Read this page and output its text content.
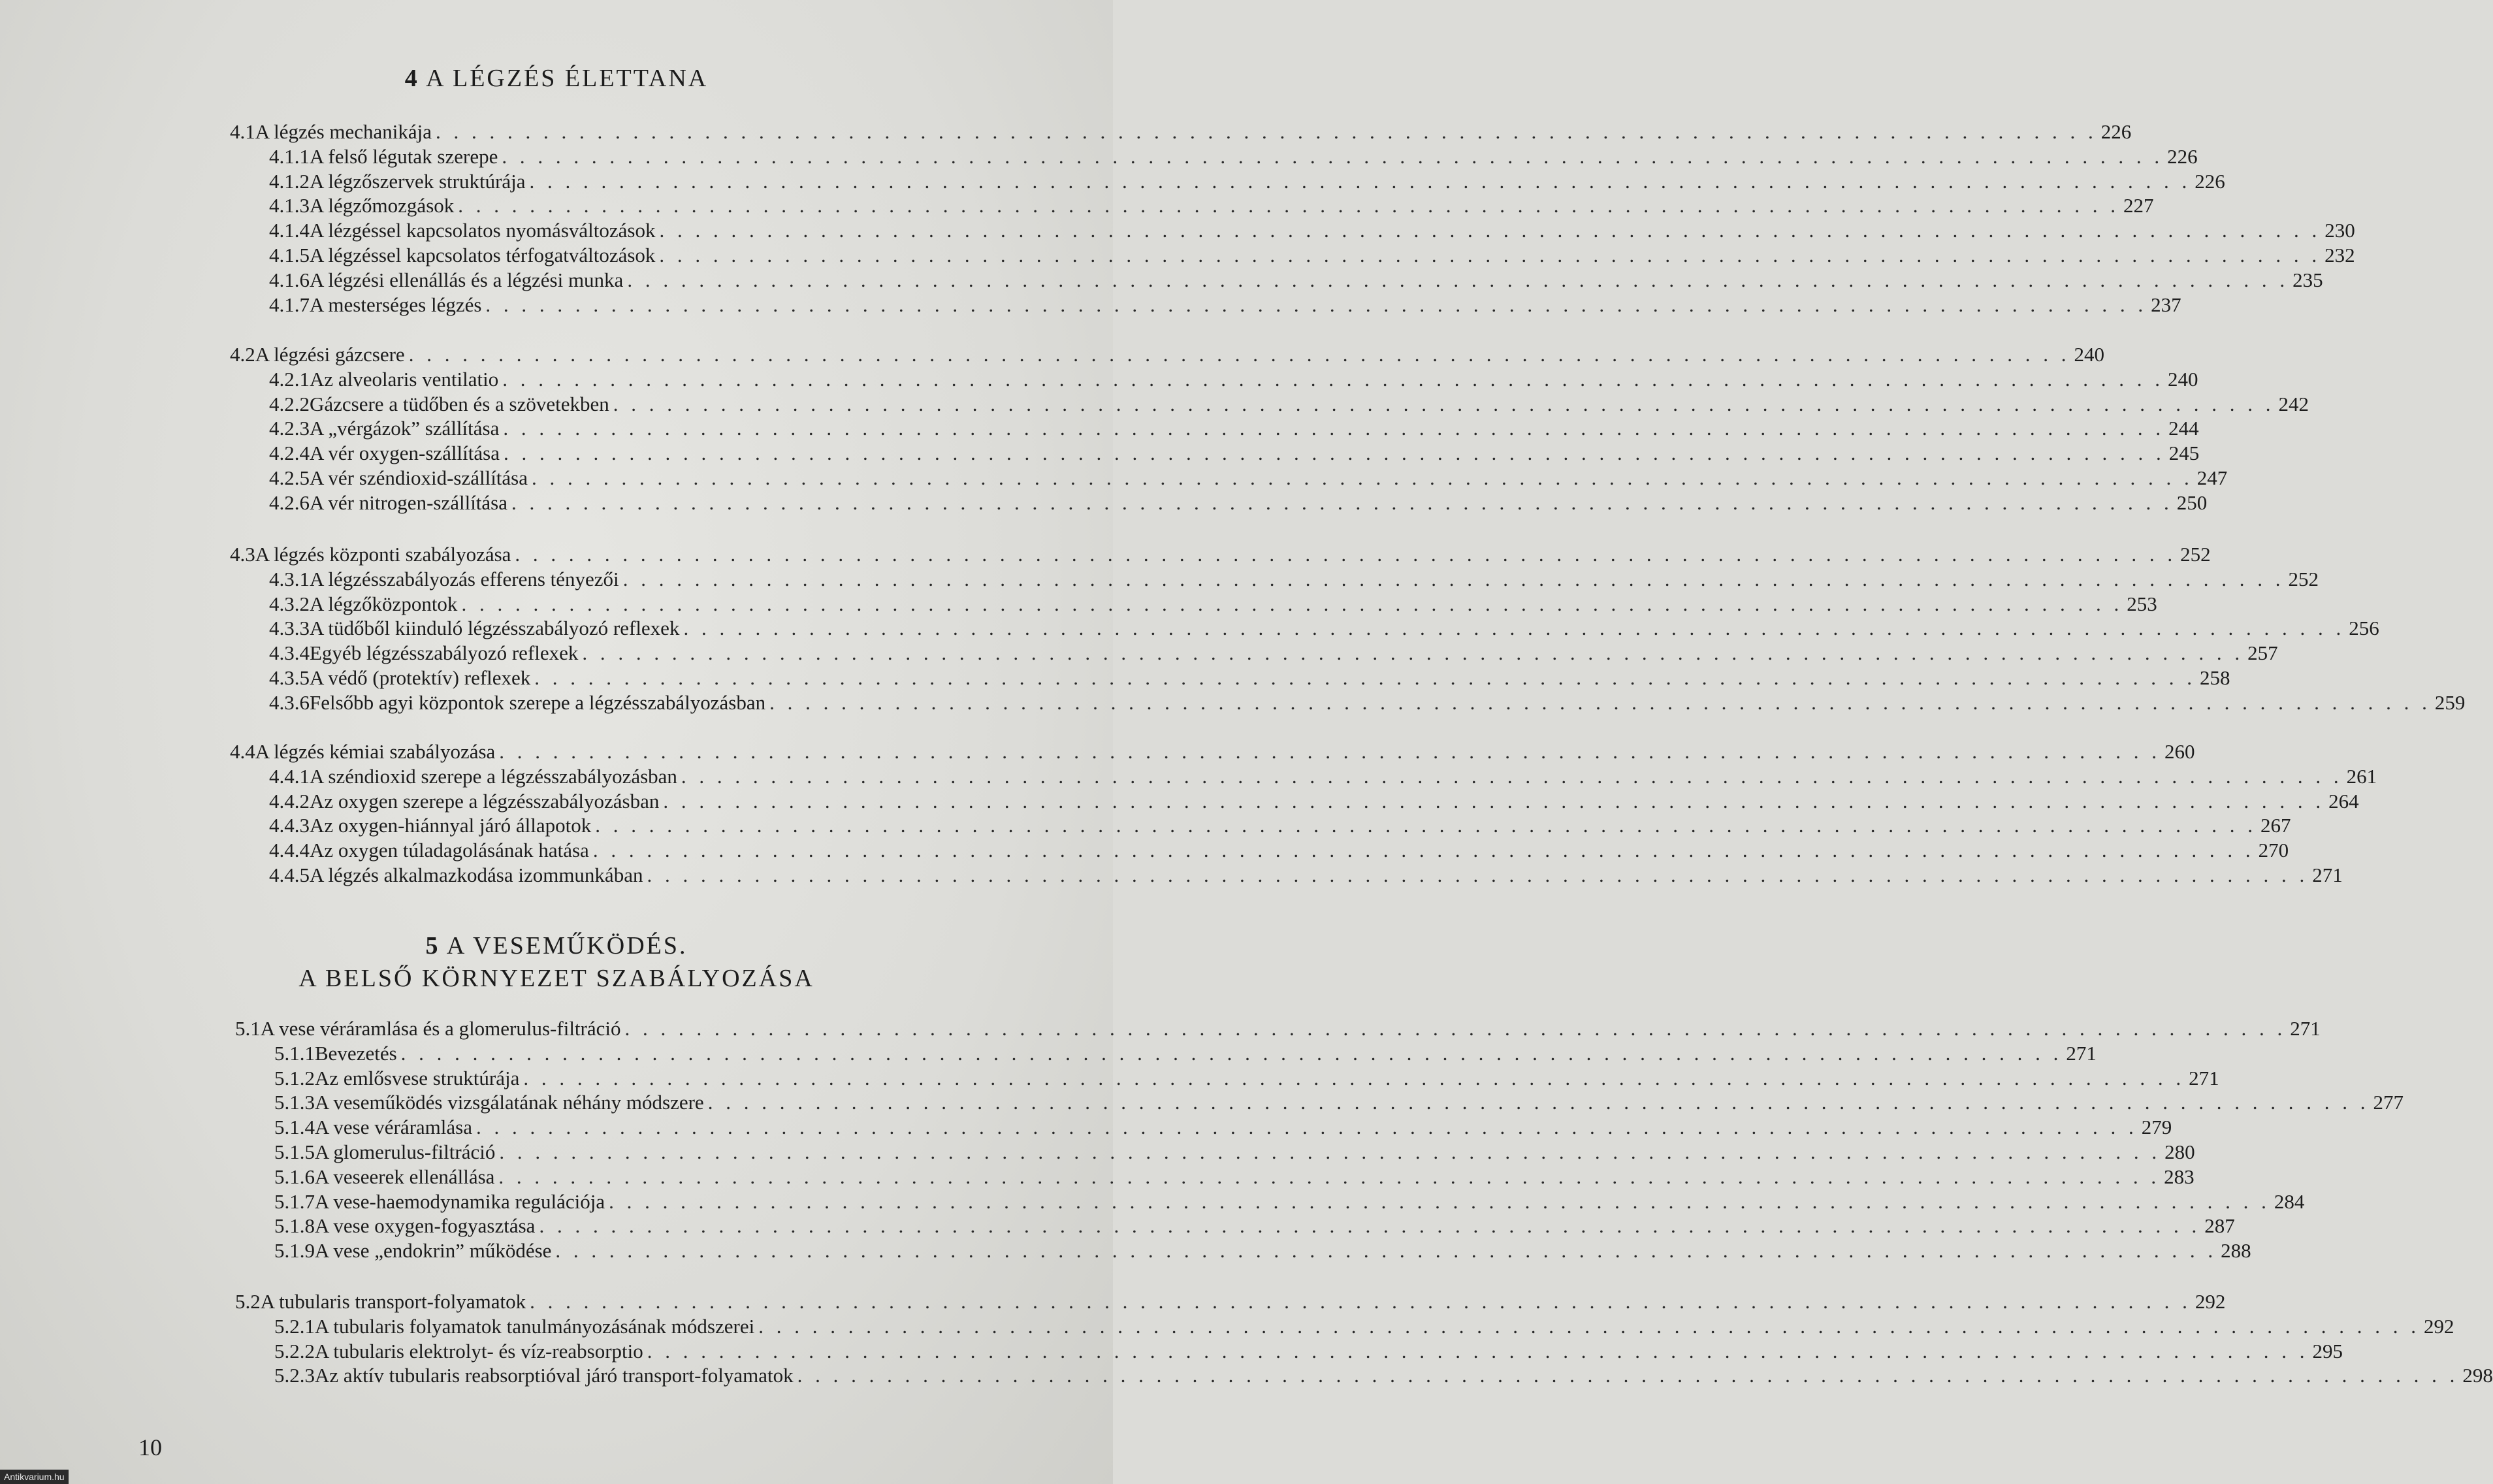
4 A LÉGZÉS ÉLETTANA
4.1 A légzés mechanikája . . . . . . . . . . . . . . . . . . . . . . . . . . . . . . . . . . . . . . . . . . . . . . . . . . . . . . . . . . . . . . . . . . . . . . . . . . . . . . . . . . . . . . . . . . . . . 226
4.1.1 A felső légutak szerepe . . . . . . . . . . . . . . . . . . . . . . . . . . . . . . . . . . . . . . . . . . . . . . . . . . . . . . . . . . . . . . . . . . . . . . . . . . . . . . . . . . . . . . . . . . . . . 226
4.1.2 A légzőszervek struktúrája . . . . . . . . . . . . . . . . . . . . . . . . . . . . . . . . . . . . . . . . . . . . . . . . . . . . . . . . . . . . . . . . . . . . . . . . . . . . . . . . . . . . . . . . . . . . . 226
4.1.3 A légzőmozgások . . . . . . . . . . . . . . . . . . . . . . . . . . . . . . . . . . . . . . . . . . . . . . . . . . . . . . . . . . . . . . . . . . . . . . . . . . . . . . . . . . . . . . . . . . . . . 227
4.1.4 A lézgéssel kapcsolatos nyomásváltozások . . . . . . . . . . . . . . . . . . . . . . . . . . . . . . . . . . . . . . . . . . . . . . . . . . . . . . . . . . . . . . . . . . . . . . . . . . . . . . . . . . . . . . . . . . . . . 230
4.1.5 A légzéssel kapcsolatos térfogatváltozások . . . . . . . . . . . . . . . . . . . . . . . . . . . . . . . . . . . . . . . . . . . . . . . . . . . . . . . . . . . . . . . . . . . . . . . . . . . . . . . . . . . . . . . . . . . . . 232
4.1.6 A légzési ellenállás és a légzési munka . . . . . . . . . . . . . . . . . . . . . . . . . . . . . . . . . . . . . . . . . . . . . . . . . . . . . . . . . . . . . . . . . . . . . . . . . . . . . . . . . . . . . . . . . . . . . 235
4.1.7 A mesterséges légzés . . . . . . . . . . . . . . . . . . . . . . . . . . . . . . . . . . . . . . . . . . . . . . . . . . . . . . . . . . . . . . . . . . . . . . . . . . . . . . . . . . . . . . . . . . . . . 237
4.2 A légzési gázcsere . . . . . . . . . . . . . . . . . . . . . . . . . . . . . . . . . . . . . . . . . . . . . . . . . . . . . . . . . . . . . . . . . . . . . . . . . . . . . . . . . . . . . . . . . . . . . 240
4.2.1 Az alveolaris ventilatio . . . . . . . . . . . . . . . . . . . . . . . . . . . . . . . . . . . . . . . . . . . . . . . . . . . . . . . . . . . . . . . . . . . . . . . . . . . . . . . . . . . . . . . . . . . . . 240
4.2.2 Gázcsere a tüdőben és a szövetekben . . . . . . . . . . . . . . . . . . . . . . . . . . . . . . . . . . . . . . . . . . . . . . . . . . . . . . . . . . . . . . . . . . . . . . . . . . . . . . . . . . . . . . . . . . . . . 242
4.2.3 A „vérgázok” szállítása . . . . . . . . . . . . . . . . . . . . . . . . . . . . . . . . . . . . . . . . . . . . . . . . . . . . . . . . . . . . . . . . . . . . . . . . . . . . . . . . . . . . . . . . . . . . . 244
4.2.4 A vér oxygen-szállítása . . . . . . . . . . . . . . . . . . . . . . . . . . . . . . . . . . . . . . . . . . . . . . . . . . . . . . . . . . . . . . . . . . . . . . . . . . . . . . . . . . . . . . . . . . . . . 245
4.2.5 A vér széndioxid-szállítása . . . . . . . . . . . . . . . . . . . . . . . . . . . . . . . . . . . . . . . . . . . . . . . . . . . . . . . . . . . . . . . . . . . . . . . . . . . . . . . . . . . . . . . . . . . . . 247
4.2.6 A vér nitrogen-szállítása . . . . . . . . . . . . . . . . . . . . . . . . . . . . . . . . . . . . . . . . . . . . . . . . . . . . . . . . . . . . . . . . . . . . . . . . . . . . . . . . . . . . . . . . . . . . . 250
4.3 A légzés központi szabályozása . . . . . . . . . . . . . . . . . . . . . . . . . . . . . . . . . . . . . . . . . . . . . . . . . . . . . . . . . . . . . . . . . . . . . . . . . . . . . . . . . . . . . . . . . . . . . 252
4.3.1 A légzésszabályozás efferens tényezői . . . . . . . . . . . . . . . . . . . . . . . . . . . . . . . . . . . . . . . . . . . . . . . . . . . . . . . . . . . . . . . . . . . . . . . . . . . . . . . . . . . . . . . . . . . . . 252
4.3.2 A légzőközpontok . . . . . . . . . . . . . . . . . . . . . . . . . . . . . . . . . . . . . . . . . . . . . . . . . . . . . . . . . . . . . . . . . . . . . . . . . . . . . . . . . . . . . . . . . . . . . 253
4.3.3 A tüdőből kiinduló légzésszabályozó reflexek . . . . . . . . . . . . . . . . . . . . . . . . . . . . . . . . . . . . . . . . . . . . . . . . . . . . . . . . . . . . . . . . . . . . . . . . . . . . . . . . . . . . . . . . . . . . . 256
4.3.4 Egyéb légzésszabályozó reflexek . . . . . . . . . . . . . . . . . . . . . . . . . . . . . . . . . . . . . . . . . . . . . . . . . . . . . . . . . . . . . . . . . . . . . . . . . . . . . . . . . . . . . . . . . . . . . 257
4.3.5 A védő (protektív) reflexek . . . . . . . . . . . . . . . . . . . . . . . . . . . . . . . . . . . . . . . . . . . . . . . . . . . . . . . . . . . . . . . . . . . . . . . . . . . . . . . . . . . . . . . . . . . . . 258
4.3.6 Felsőbb agyi központok szerepe a légzésszabályozásban . . . . . . . . . . . . . . . . . . . . . . . . . . . . . . . . . . . . . . . . . . . . . . . . . . . . . . . . . . . . . . . . . . . . . . . . . . . . . . . . . . . . . . . . . . . . . 259
4.4 A légzés kémiai szabályozása . . . . . . . . . . . . . . . . . . . . . . . . . . . . . . . . . . . . . . . . . . . . . . . . . . . . . . . . . . . . . . . . . . . . . . . . . . . . . . . . . . . . . . . . . . . . . 260
4.4.1 A széndioxid szerepe a légzésszabályozásban . . . . . . . . . . . . . . . . . . . . . . . . . . . . . . . . . . . . . . . . . . . . . . . . . . . . . . . . . . . . . . . . . . . . . . . . . . . . . . . . . . . . . . . . . . . . . 261
4.4.2 Az oxygen szerepe a légzésszabályozásban . . . . . . . . . . . . . . . . . . . . . . . . . . . . . . . . . . . . . . . . . . . . . . . . . . . . . . . . . . . . . . . . . . . . . . . . . . . . . . . . . . . . . . . . . . . . . 264
4.4.3 Az oxygen-hiánnyal járó állapotok . . . . . . . . . . . . . . . . . . . . . . . . . . . . . . . . . . . . . . . . . . . . . . . . . . . . . . . . . . . . . . . . . . . . . . . . . . . . . . . . . . . . . . . . . . . . . 267
4.4.4 Az oxygen túladagolásának hatása . . . . . . . . . . . . . . . . . . . . . . . . . . . . . . . . . . . . . . . . . . . . . . . . . . . . . . . . . . . . . . . . . . . . . . . . . . . . . . . . . . . . . . . . . . . . . 270
4.4.5 A légzés alkalmazkodása izommunkában . . . . . . . . . . . . . . . . . . . . . . . . . . . . . . . . . . . . . . . . . . . . . . . . . . . . . . . . . . . . . . . . . . . . . . . . . . . . . . . . . . . . . . . . . . . . . 271
5 A VESEMŰKÖDÉS.
A BELSŐ KÖRNYEZET SZABÁLYOZÁSA
5.1 A vese véráramlása és a glomerulus-filtráció . . . . . . . . . . . . . . . . . . . . . . . . . . . . . . . . . . . . . . . . . . . . . . . . . . . . . . . . . . . . . . . . . . . . . . . . . . . . . . . . . . . . . . . . . . . . . 271
5.1.1 Bevezetés . . . . . . . . . . . . . . . . . . . . . . . . . . . . . . . . . . . . . . . . . . . . . . . . . . . . . . . . . . . . . . . . . . . . . . . . . . . . . . . . . . . . . . . . . . . . . 271
5.1.2 Az emlősvese struktúrája . . . . . . . . . . . . . . . . . . . . . . . . . . . . . . . . . . . . . . . . . . . . . . . . . . . . . . . . . . . . . . . . . . . . . . . . . . . . . . . . . . . . . . . . . . . . . 271
5.1.3 A veseműködés vizsgálatának néhány módszere . . . . . . . . . . . . . . . . . . . . . . . . . . . . . . . . . . . . . . . . . . . . . . . . . . . . . . . . . . . . . . . . . . . . . . . . . . . . . . . . . . . . . . . . . . . . . 277
5.1.4 A vese véráramlása . . . . . . . . . . . . . . . . . . . . . . . . . . . . . . . . . . . . . . . . . . . . . . . . . . . . . . . . . . . . . . . . . . . . . . . . . . . . . . . . . . . . . . . . . . . . . 279
5.1.5 A glomerulus-filtráció . . . . . . . . . . . . . . . . . . . . . . . . . . . . . . . . . . . . . . . . . . . . . . . . . . . . . . . . . . . . . . . . . . . . . . . . . . . . . . . . . . . . . . . . . . . . . 280
5.1.6 A veseerek ellenállása . . . . . . . . . . . . . . . . . . . . . . . . . . . . . . . . . . . . . . . . . . . . . . . . . . . . . . . . . . . . . . . . . . . . . . . . . . . . . . . . . . . . . . . . . . . . . 283
5.1.7 A vese-haemodynamika regulációja . . . . . . . . . . . . . . . . . . . . . . . . . . . . . . . . . . . . . . . . . . . . . . . . . . . . . . . . . . . . . . . . . . . . . . . . . . . . . . . . . . . . . . . . . . . . . 284
5.1.8 A vese oxygen-fogyasztása . . . . . . . . . . . . . . . . . . . . . . . . . . . . . . . . . . . . . . . . . . . . . . . . . . . . . . . . . . . . . . . . . . . . . . . . . . . . . . . . . . . . . . . . . . . . . 287
5.1.9 A vese „endokrin” működése . . . . . . . . . . . . . . . . . . . . . . . . . . . . . . . . . . . . . . . . . . . . . . . . . . . . . . . . . . . . . . . . . . . . . . . . . . . . . . . . . . . . . . . . . . . . . 288
5.2 A tubularis transport-folyamatok . . . . . . . . . . . . . . . . . . . . . . . . . . . . . . . . . . . . . . . . . . . . . . . . . . . . . . . . . . . . . . . . . . . . . . . . . . . . . . . . . . . . . . . . . . . . . 292
5.2.1 A tubularis folyamatok tanulmányozásának módszerei . . . . . . . . . . . . . . . . . . . . . . . . . . . . . . . . . . . . . . . . . . . . . . . . . . . . . . . . . . . . . . . . . . . . . . . . . . . . . . . . . . . . . . . . . . . . . 292
5.2.2 A tubularis elektrolyt- és víz-reabsorptio . . . . . . . . . . . . . . . . . . . . . . . . . . . . . . . . . . . . . . . . . . . . . . . . . . . . . . . . . . . . . . . . . . . . . . . . . . . . . . . . . . . . . . . . . . . . . 295
5.2.3 Az aktív tubularis reabsorptióval járó transport-folyamatok . . . . . . . . . . . . . . . . . . . . . . . . . . . . . . . . . . . . . . . . . . . . . . . . . . . . . . . . . . . . . . . . . . . . . . . . . . . . . . . . . . . . . . . . . . . . . 298
10
Antikvarium.hu
